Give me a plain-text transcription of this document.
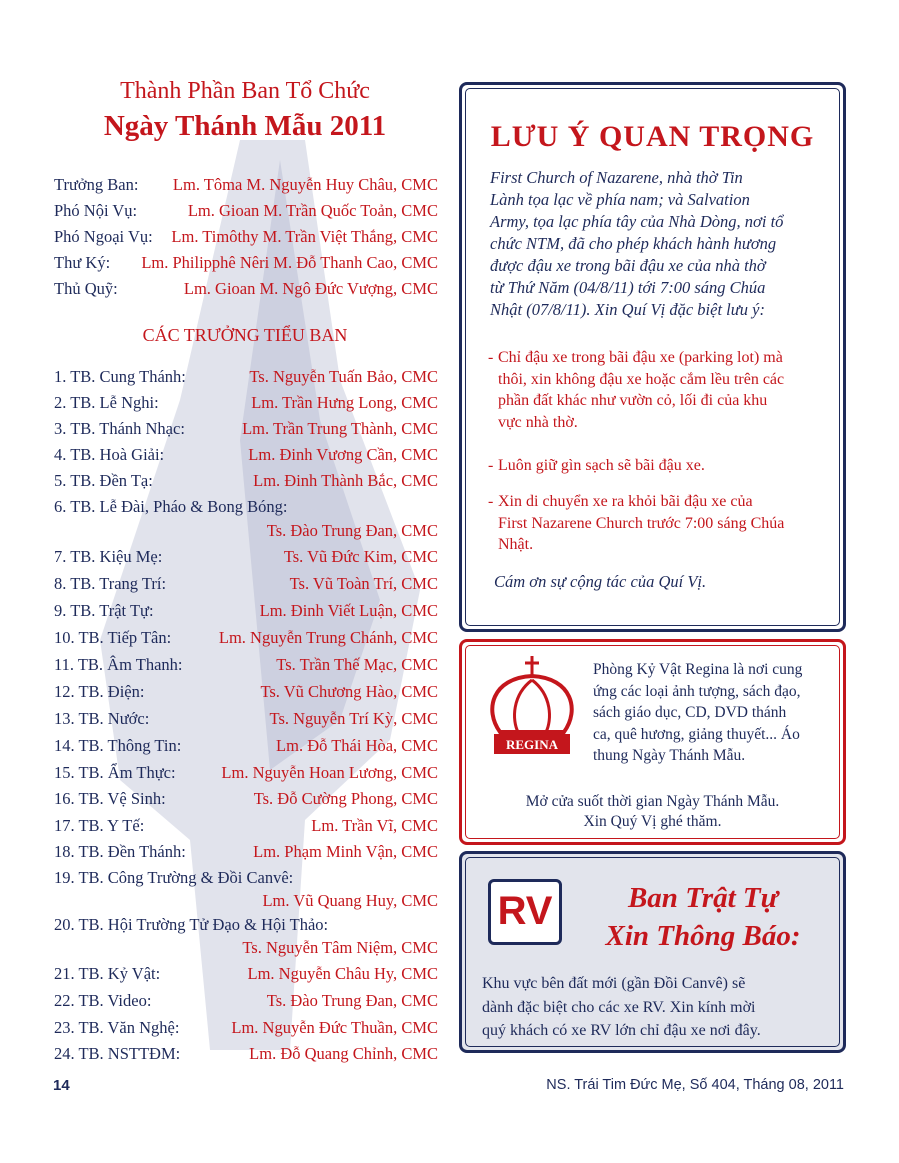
Thành Phần Ban Tổ Chức
Ngày Thánh Mẫu 2011
Trưởng Ban: Lm. Tôma M. Nguyễn Huy Châu, CMC
Phó Nội Vụ:	Lm. Gioan M. Trần Quốc Toản, CMC
Phó Ngoại Vụ: Lm. Timôthy M. Trần Việt Thắng, CMC
Thư Ký: Lm. Philipphê Nêri M. Đỗ Thanh Cao, CMC
Thủ Quỹ:	Lm. Gioan M. Ngô Đức Vượng, CMC
CÁC TRƯỞNG TIỂU BAN
1. TB. Cung Thánh:	Ts. Nguyễn Tuấn Bảo, CMC
2. TB. Lễ Nghi:	Lm. Trần Hưng Long, CMC
3. TB. Thánh Nhạc:	Lm. Trần Trung Thành, CMC
4. TB. Hoà Giải:	Lm. Đinh Vương Cần, CMC
5. TB. Đền Tạ:	Lm. Đinh Thành Bắc, CMC
6. TB. Lễ Đài, Pháo & Bong Bóng:
Ts. Đào Trung Đan, CMC
7. TB. Kiệu Mẹ:	Ts. Vũ Đức Kim, CMC
8. TB. Trang Trí:	Ts. Vũ Toàn Trí, CMC
9. TB. Trật Tự:	Lm. Đinh Viết Luận, CMC
10. TB. Tiếp Tân:	Lm. Nguyễn Trung Chánh, CMC
11. TB. Âm Thanh:	Ts. Trần Thế Mạc, CMC
12. TB. Điện:	Ts. Vũ Chương Hào, CMC
13. TB. Nước:	Ts. Nguyễn Trí Kỳ, CMC
14. TB. Thông Tin:	Lm. Đỗ Thái Hòa, CMC
15. TB. Ẩm Thực:	Lm. Nguyễn Hoan Lương, CMC
16. TB. Vệ Sinh:	Ts. Đỗ Cường Phong, CMC
17. TB. Y Tế:	Lm. Trần Vĩ, CMC
18. TB. Đền Thánh:	Lm. Phạm Minh Vận, CMC
19. TB. Công Trường & Đồi Canvê:
Lm. Vũ Quang Huy, CMC
20. TB. Hội Trường Tử Đạo & Hội Thảo:
Ts. Nguyễn Tâm Niệm, CMC
21. TB. Kỷ Vật:	Lm. Nguyễn Châu Hy, CMC
22. TB. Video:	Ts. Đào Trung Đan, CMC
23. TB. Văn Nghệ:	Lm. Nguyễn Đức Thuần, CMC
24. TB. NSTTĐM:	Lm. Đỗ Quang Chỉnh, CMC
LƯU Ý QUAN TRỌNG
First Church of Nazarene, nhà thờ Tin
Lành tọa lạc về phía nam; và Salvation
Army, tọa lạc phía tây của Nhà Dòng, nơi tổ
chức NTM, đã cho phép khách hành hương
được đậu xe trong bãi đậu xe của nhà thờ
từ Thứ Năm (04/8/11) tới 7:00 sáng Chúa
Nhật (07/8/11). Xin Quí Vị đặc biệt lưu ý:
- Chỉ đậu xe trong bãi đậu xe (parking lot) mà
thôi, xin không đậu xe hoặc cắm lều trên các
phần đất khác như vườn cỏ, lối đi của khu
vực nhà thờ.
- Luôn giữ gìn sạch sẽ bãi đậu xe.
- Xin di chuyển xe ra khỏi bãi đậu xe của
First Nazarene Church trước 7:00 sáng Chúa
Nhật.
Cám ơn sự cộng tác của Quí Vị.
REGINA
Phòng Kỷ Vật Regina là nơi cung
ứng các loại ảnh tượng, sách đạo,
sách giáo dục, CD, DVD thánh
ca, quê hương, giảng thuyết... Áo
thung Ngày Thánh Mẫu.
Mở cửa suốt thời gian Ngày Thánh Mẫu.
Xin Quý Vị ghé thăm.
RV	Ban Trật Tự
Xin Thông Báo:
Khu vực bên đất mới (gần Đồi Canvê) sẽ
dành đặc biệt cho các xe RV. Xin kính mời
quý khách có xe RV lớn chỉ đậu xe nơi đây.
14	NS. Trái Tim Đức Mẹ, Số 404, Tháng 08, 2011
